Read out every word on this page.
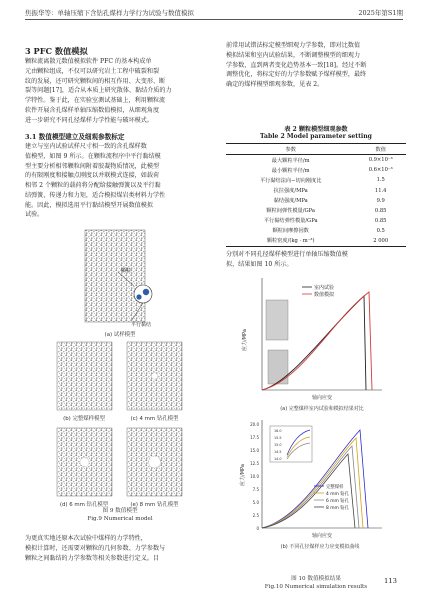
焦振华等：单轴压缩下含钻孔煤样力学行为试验与数值模拟	2025年第S1期
3 PFC 数值模拟
颗粒流离散元数值模拟软件 PFC 的基本构成单
元由颗粒组成，不仅可以研究岩土工程中破裂和裂
纹的发展，还可研究颗粒间的相互作用、大变形、断
裂等问题[17]，适合从本质上研究散体、黏结介质的力
学特性。鉴于此，在实验室测试基础上，利用颗粒流
软件开展含孔煤样单轴压缩数值模拟，从细观角度
进一步研究不同孔径煤样力学性能与破坏模式。
3.1 数值模型建立及细观参数标定
建立与室内试验试样尺寸相一致的含孔煤样数
值模型，如图 9 所示。在颗粒流程序中平行黏结模
型主要分析相邻颗粒间附着胶凝物质情况，此模型
的有限刚度和接触点刚度以并联模式连接，如载荷
相邻 2 个颗粒的载荷将分配给接触弹簧以及平行黏
结弹簧，传递力和力矩，适合模拟煤岩类材料力学性
能。因此，模拟选用平行黏结模型开展数值模拟
试验。
颗粒
平行黏结
(a) 试样模型
(b) 完整煤样模型	(c) 4 mm 钻孔模型
(d) 6 mm 钻孔模型	(e) 8 mm 钻孔模型
图 9 数值模型
Fig.9 Numerical model
为更真实地还原本次试验中煤样的力学特性，
模拟计算时，还需要对颗粒的几何参数、力学参数与
颗粒之间黏结的力学参数等相关参数进行定义。目
前常用试错法标定模型细观力学参数，即对比数值
模拟结果和室内试验结果，不断调整模型的细观力
学参数，直到两者变化趋势基本一致[18]。经过不断
调整优化，将标定好的力学参数赋予煤样模型，最终
确定的煤样模型细观参数，见表 2。
表 2 颗粒模型细观参数
Table 2 Model parameter setting
参数	数值
最大颗粒半径/m	0.9×10⁻³
最小颗粒半径/m	0.6×10⁻³
平行黏结法向−切向刚度比	1.5
抗拉强度/MPa	11.4
黏结强度/MPa	9.9
颗粒间弹性模量/GPa	0.85
平行黏结弹性模量/GPa	0.85
颗粒间摩擦因数	0.5
颗粒密度/(kg · m⁻³)	2 000
分别对不同孔径煤样模型进行单轴压缩数值模
拟，结果如图 10 所示。
应力/MPa
轴向应变
室内试验
数值模拟
(a) 完整煤样室内试验和模拟结果对比
0
2.5
5.0
7.5
10.0
12.5
15.0
17.5
20.0
应力/MPa
轴向应变
16.0
15.5
15.0
14.5
14.0
完整煤样
4 mm 钻孔
6 mm 钻孔
8 mm 钻孔
(b) 不同孔径煤样应力应变模拟曲线
图 10 数值模拟结果
Fig.10 Numerical simulation results
113
